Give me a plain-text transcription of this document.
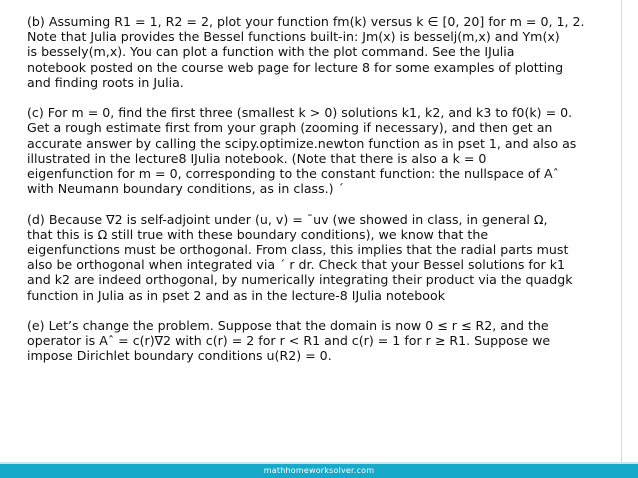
(b) Assuming R1 = 1, R2 = 2, plot your function fm(k) versus k ∈ [0, 20] for m = 0, 1, 2.
Note that Julia provides the Bessel functions built-in: Jm(x) is besselj(m,x) and Ym(x)
is bessely(m,x). You can plot a function with the plot command. See the IJulia
notebook posted on the course web page for lecture 8 for some examples of plotting
and finding roots in Julia.

(c) For m = 0, find the first three (smallest k > 0) solutions k1, k2, and k3 to f0(k) = 0.
Get a rough estimate first from your graph (zooming if necessary), and then get an
accurate answer by calling the scipy.optimize.newton function as in pset 1, and also as
illustrated in the lecture8 IJulia notebook. (Note that there is also a k = 0
eigenfunction for m = 0, corresponding to the constant function: the nullspace of Aˆ
with Neumann boundary conditions, as in class.) ´

(d) Because ∇2 is self-adjoint under (u, v) = ¯uv (we showed in class, in general Ω,
that this is Ω still true with these boundary conditions), we know that the
eigenfunctions must be orthogonal. From class, this implies that the radial parts must
also be orthogonal when integrated via ´ r dr. Check that your Bessel solutions for k1
and k2 are indeed orthogonal, by numerically integrating their product via the quadgk
function in Julia as in pset 2 and as in the lecture-8 IJulia notebook

(e) Let’s change the problem. Suppose that the domain is now 0 ≤ r ≤ R2, and the
operator is Aˆ = c(r)∇2 with c(r) = 2 for r < R1 and c(r) = 1 for r ≥ R1. Suppose we
impose Dirichlet boundary conditions u(R2) = 0.

mathhomeworksolver.com
